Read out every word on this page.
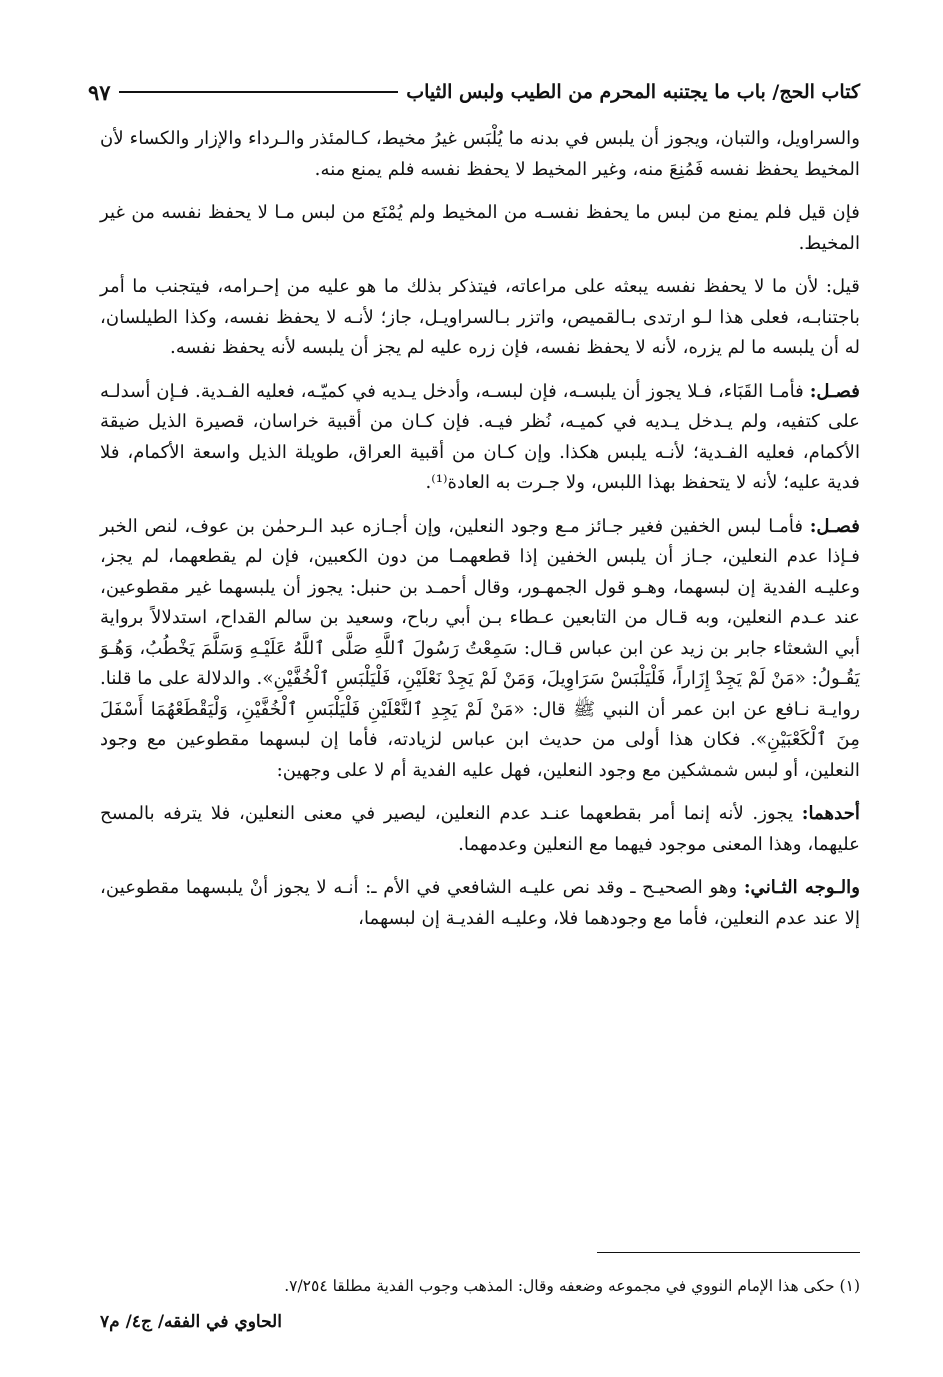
كتاب الحج/ باب ما يجتنبه المحرم من الطيب ولبس الثياب
٩٧

والسراويل، والتبان، ويجوز أن يلبس في بدنه ما يُلْبَس غيرُ مخيط، كـالمئذر والـرداء والإزار والكساء لأن المخيط يحفظ نفسه فَمُنِعَ منه، وغير المخيط لا يحفظ نفسه فلم يمنع منه.

فإن قيل فلم يمنع من لبس ما يحفظ نفسـه من المخيط ولم يُمْنَع من لبس مـا لا يحفظ نفسه من غير المخيط.

قيل: لأن ما لا يحفظ نفسه يبعثه على مراعاته، فيتذكر بذلك ما هو عليه من إحـرامه، فيتجنب ما أمر باجتنابـه، فعلى هذا لـو ارتدى بـالقميص، واتزر بـالسراويـل، جاز؛ لأنـه لا يحفظ نفسه، وكذا الطيلسان، له أن يلبسه ما لم يزره، لأنه لا يحفظ نفسه، فإن زره عليه لم يجز أن يلبسه لأنه يحفظ نفسه.

فصـل: فأمـا القَبَاء، فـلا يجوز أن يلبسـه، فإن لبسـه، وأدخل يـديه في كميّـه، فعليه الفـدية. فـإن أسدلـه على كتفيه، ولم يـدخل يـديه في كميـه، نُظر فيـه. فإن كـان من أقبية خراسان، قصيرة الذيل ضيقة الأكمام، فعليه الفـدية؛ لأنـه يلبس هكذا. وإن كـان من أقبية العراق، طويلة الذيل واسعة الأكمام، فلا فدية عليه؛ لأنه لا يتحفظ بهذا اللبس، ولا جـرت به العادة⁽¹⁾.

فصـل: فأمـا لبس الخفين فغير جـائز مـع وجود النعلين، وإن أجـازه عبد الـرحمٰن بن عوف، لنص الخبر فـإذا عدم النعلين، جـاز أن يلبس الخفين إذا قطعهمـا من دون الكعبين، فإن لم يقطعهما، لم يجز، وعليـه الفدية إن لبسهما، وهـو قول الجمهـور، وقال أحمـد بن حنبل: يجوز أن يلبسهما غير مقطوعين، عند عـدم النعلين، وبه قـال من التابعين عـطاء بـن أبي رباح، وسعيد بن سالم القداح، استدلالاً برواية أبي الشعثاء جابر بن زيد عن ابن عباس قـال: سَمِعْتُ رَسُولَ ٱللَّهِ صَلَّى ٱللَّهُ عَلَيْـهِ وَسَلَّمَ يَخْطُبُ، وَهُـوَ يَقُـولُ: «مَنْ لَمْ يَجِدْ إِزَاراً، فَلْيَلْبَسْ سَرَاوِيلَ، وَمَنْ لَمْ يَجِدْ نَعْلَيْنِ، فَلْيَلْبَسِ ٱلْخُفَّيْنِ». والدلالة على ما قلنا. روايـة نـافع عن ابن عمر أن النبي ﷺ قال: «مَنْ لَمْ يَجِدِ ٱلنَّعْلَيْنِ فَلْيَلْبَسِ ٱلْخُفَّيْنِ، وَلْيَقْطَعْهُمَا أَسْفَلَ مِنَ ٱلْكَعْبَيْنِ». فكان هذا أولى من حديث ابن عباس لزيادته، فأما إن لبسهما مقطوعين مع وجود النعلين، أو لبس شمشكين مع وجود النعلين، فهل عليه الفدية أم لا على وجهين:

أحدهما: يجوز. لأنه إنما أمر بقطعهما عنـد عدم النعلين، ليصير في معنى النعلين، فلا يترفه بالمسح عليهما، وهذا المعنى موجود فيهما مع النعلين وعدمهما.

والـوجه الثـاني: وهو الصحيـح ـ وقد نص عليـه الشافعي في الأم ـ: أنـه لا يجوز أنْ يلبسهما مقطوعين، إلا عند عدم النعلين، فأما مع وجودهما فلا، وعليـه الفديـة إن لبسهما،

(١) حكى هذا الإمام النووي في مجموعه وضعفه وقال: المذهب وجوب الفدية مطلقا ٧/٢٥٤.
الحاوي في الفقه/ ج٤/ م٧
